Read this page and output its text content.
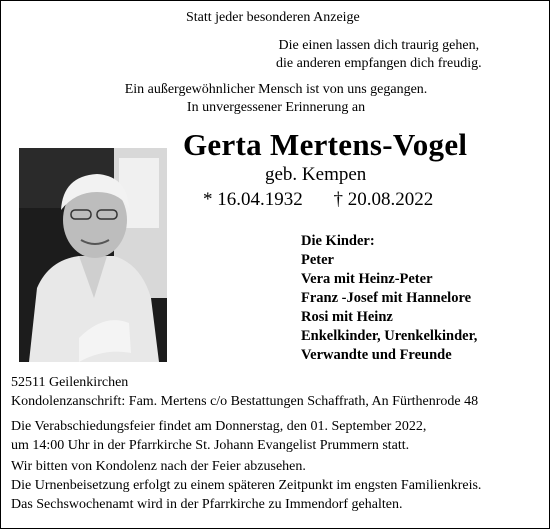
Statt jeder besonderen Anzeige
Die einen lassen dich traurig gehen,
die anderen empfangen dich freudig.
Ein außergewöhnlicher Mensch ist von uns gegangen.
In unvergessener Erinnerung an
Gerta Mertens-Vogel
geb. Kempen
* 16.04.1932 † 20.08.2022
Die Kinder:
Peter
Vera mit Heinz-Peter
Franz -Josef mit Hannelore
Rosi mit Heinz
Enkelkinder, Urenkelkinder,
Verwandte und Freunde
52511 Geilenkirchen
Kondolenzanschrift: Fam. Mertens c/o Bestattungen Schaffrath, An Fürthenrode 48
Die Verabschiedungsfeier findet am Donnerstag, den 01. September 2022,
um 14:00 Uhr in der Pfarrkirche St. Johann Evangelist Prummern statt.
Wir bitten von Kondolenz nach der Feier abzusehen.
Die Urnenbeisetzung erfolgt zu einem späteren Zeitpunkt im engsten Familienkreis.
Das Sechswochenamt wird in der Pfarrkirche zu Immendorf gehalten.
